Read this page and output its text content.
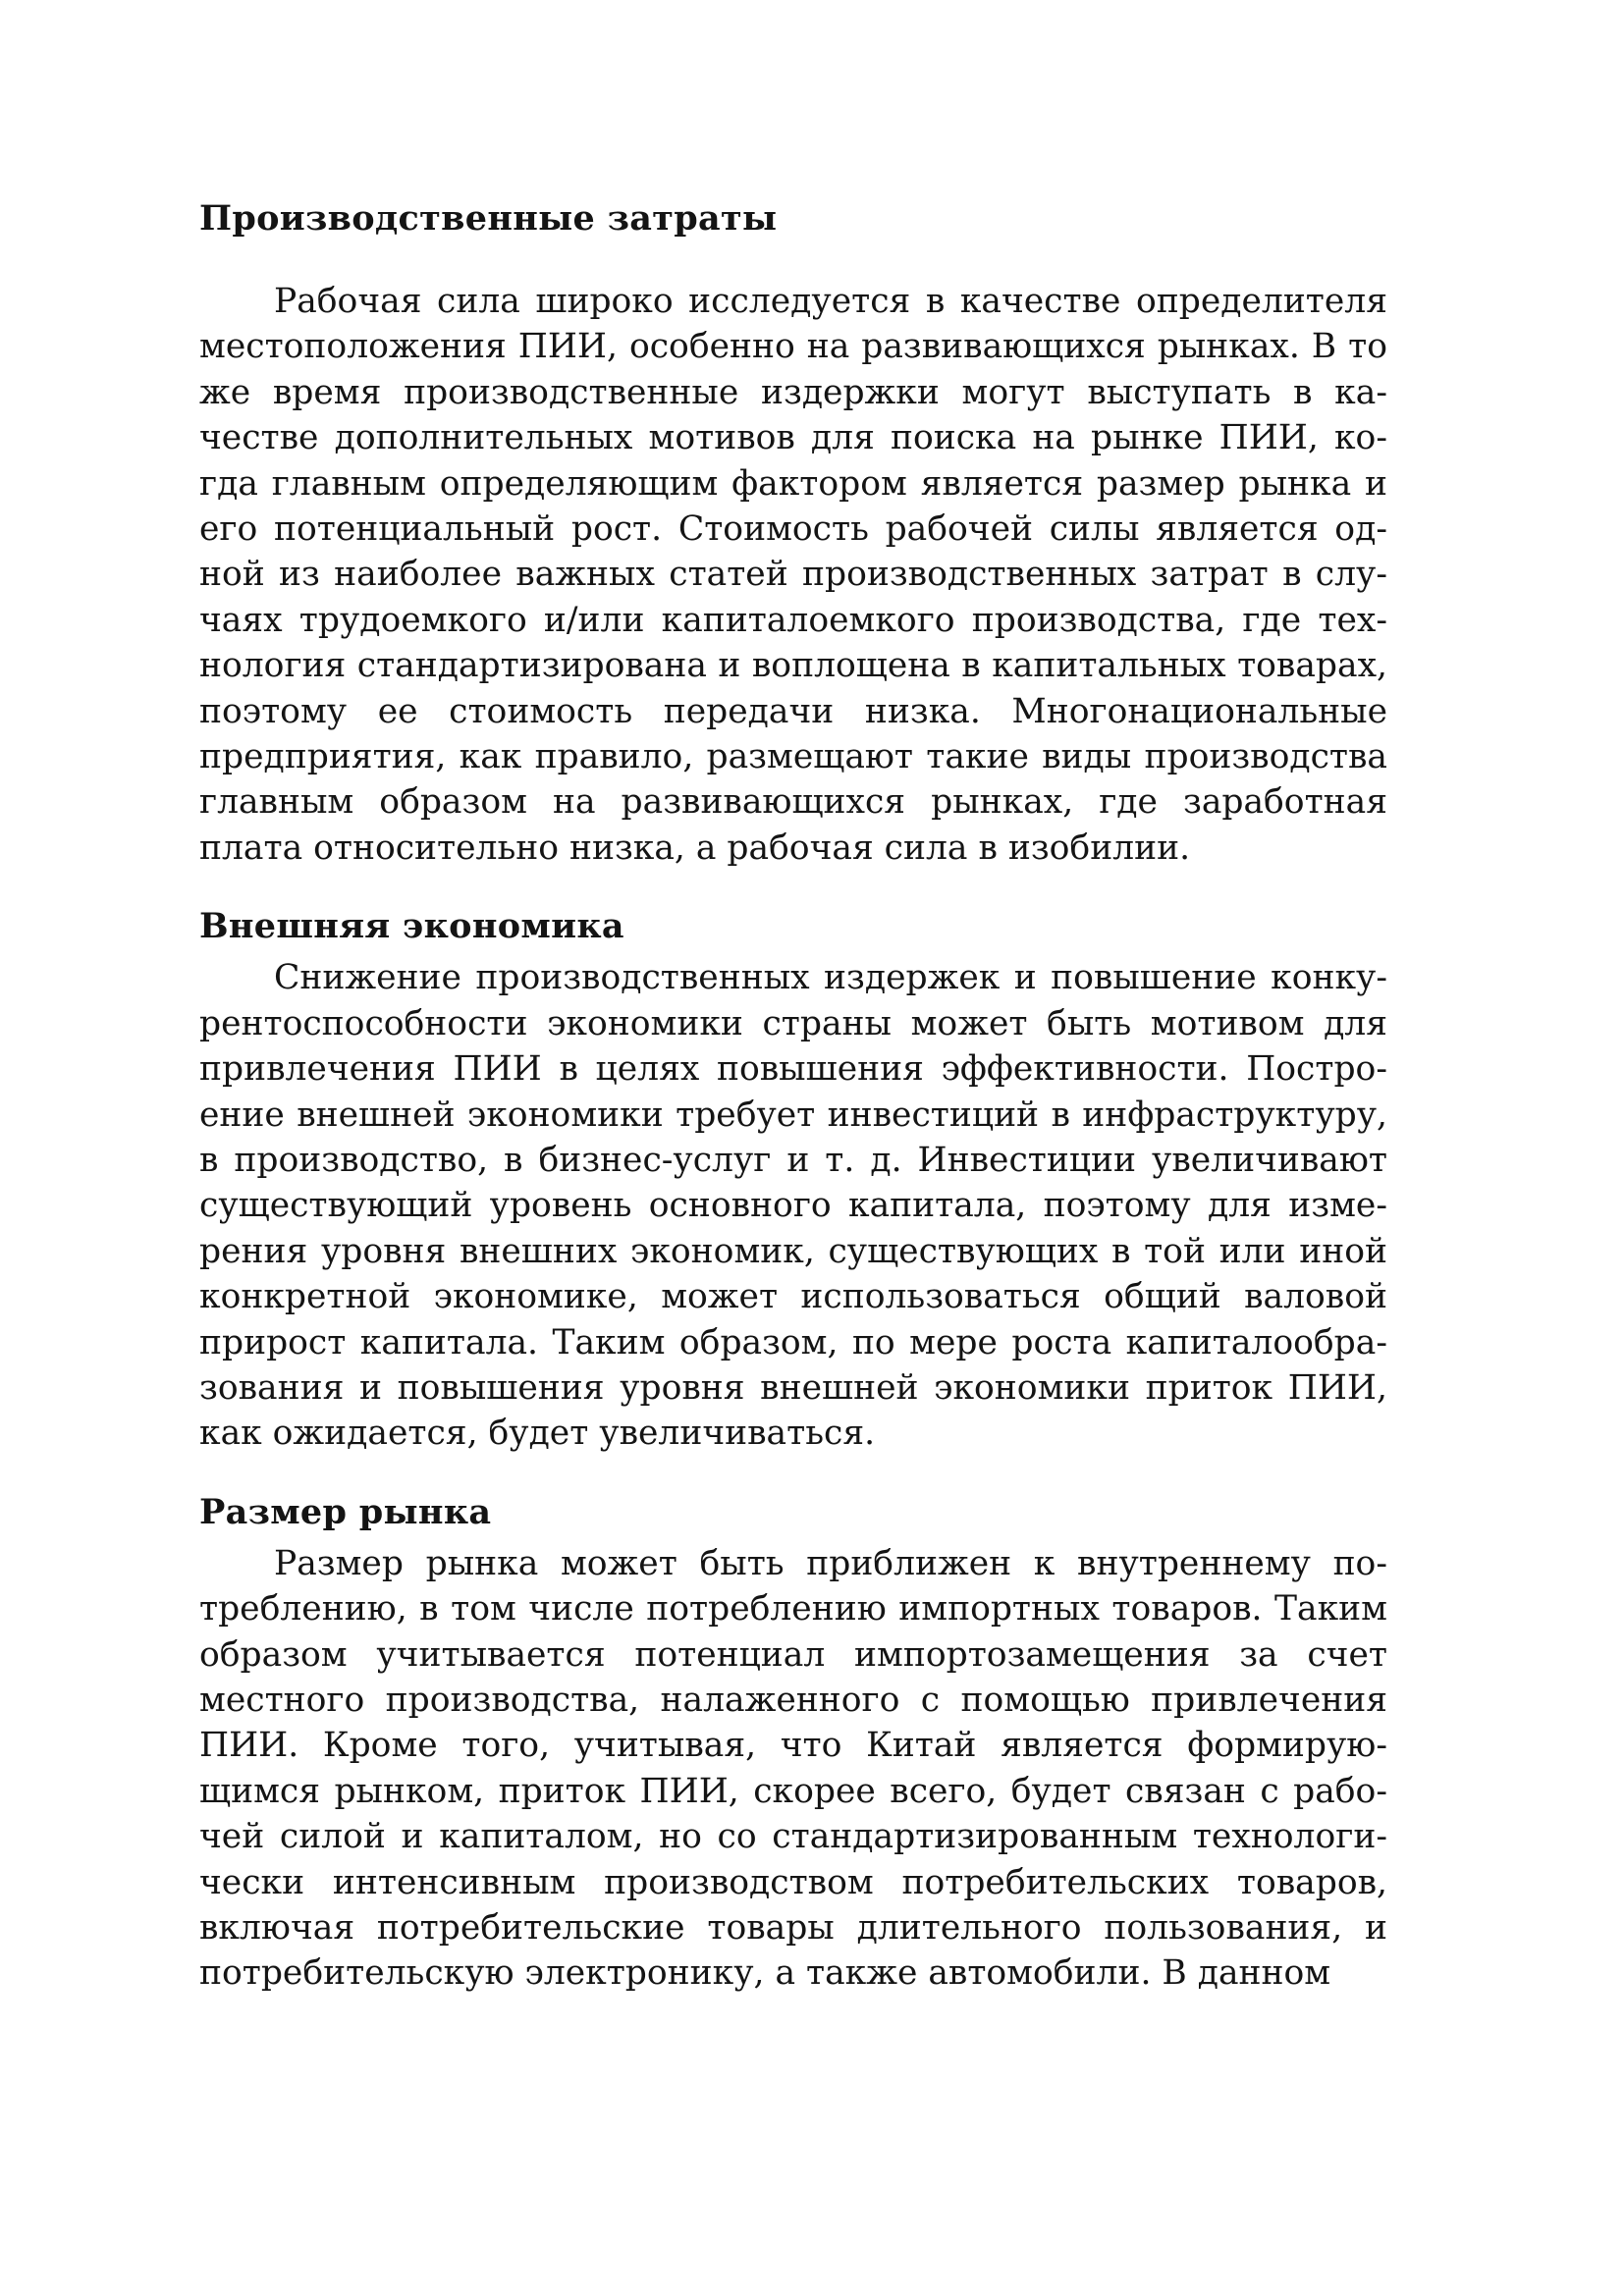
Производственные затраты

Рабочая сила широко исследуется в качестве определителя местоположения ПИИ, особенно на развивающихся рынках. В то же время производственные издержки могут выступать в качестве дополнительных мотивов для поиска на рынке ПИИ, когда главным определяющим фактором является размер рынка и его потенциальный рост. Стоимость рабочей силы является одной из наиболее важных статей производственных затрат в случаях трудоемкого и/или капиталоемкого производства, где технология стандартизирована и воплощена в капитальных товарах, поэтому ее стоимость передачи низка. Многонациональные предприятия, как правило, размещают такие виды производства главным образом на развивающихся рынках, где заработная плата относительно низка, а рабочая сила в изобилии.

Внешняя экономика

Снижение производственных издержек и повышение конкурентоспособности экономики страны может быть мотивом для привлечения ПИИ в целях повышения эффективности. Построение внешней экономики требует инвестиций в инфраструктуру, в производство, в бизнес-услуг и т. д. Инвестиции увеличивают существующий уровень основного капитала, поэтому для измерения уровня внешних экономик, существующих в той или иной конкретной экономике, может использоваться общий валовой прирост капитала. Таким образом, по мере роста капиталообразования и повышения уровня внешней экономики приток ПИИ, как ожидается, будет увеличиваться.

Размер рынка

Размер рынка может быть приближен к внутреннему потреблению, в том числе потреблению импортных товаров. Таким образом учитывается потенциал импортозамещения за счет местного производства, налаженного с помощью привлечения ПИИ. Кроме того, учитывая, что Китай является формирующимся рынком, приток ПИИ, скорее всего, будет связан с рабочей силой и капиталом, но со стандартизированным технологически интенсивным производством потребительских товаров, включая потребительские товары длительного пользования, и потребительскую электронику, а также автомобили. В данном
